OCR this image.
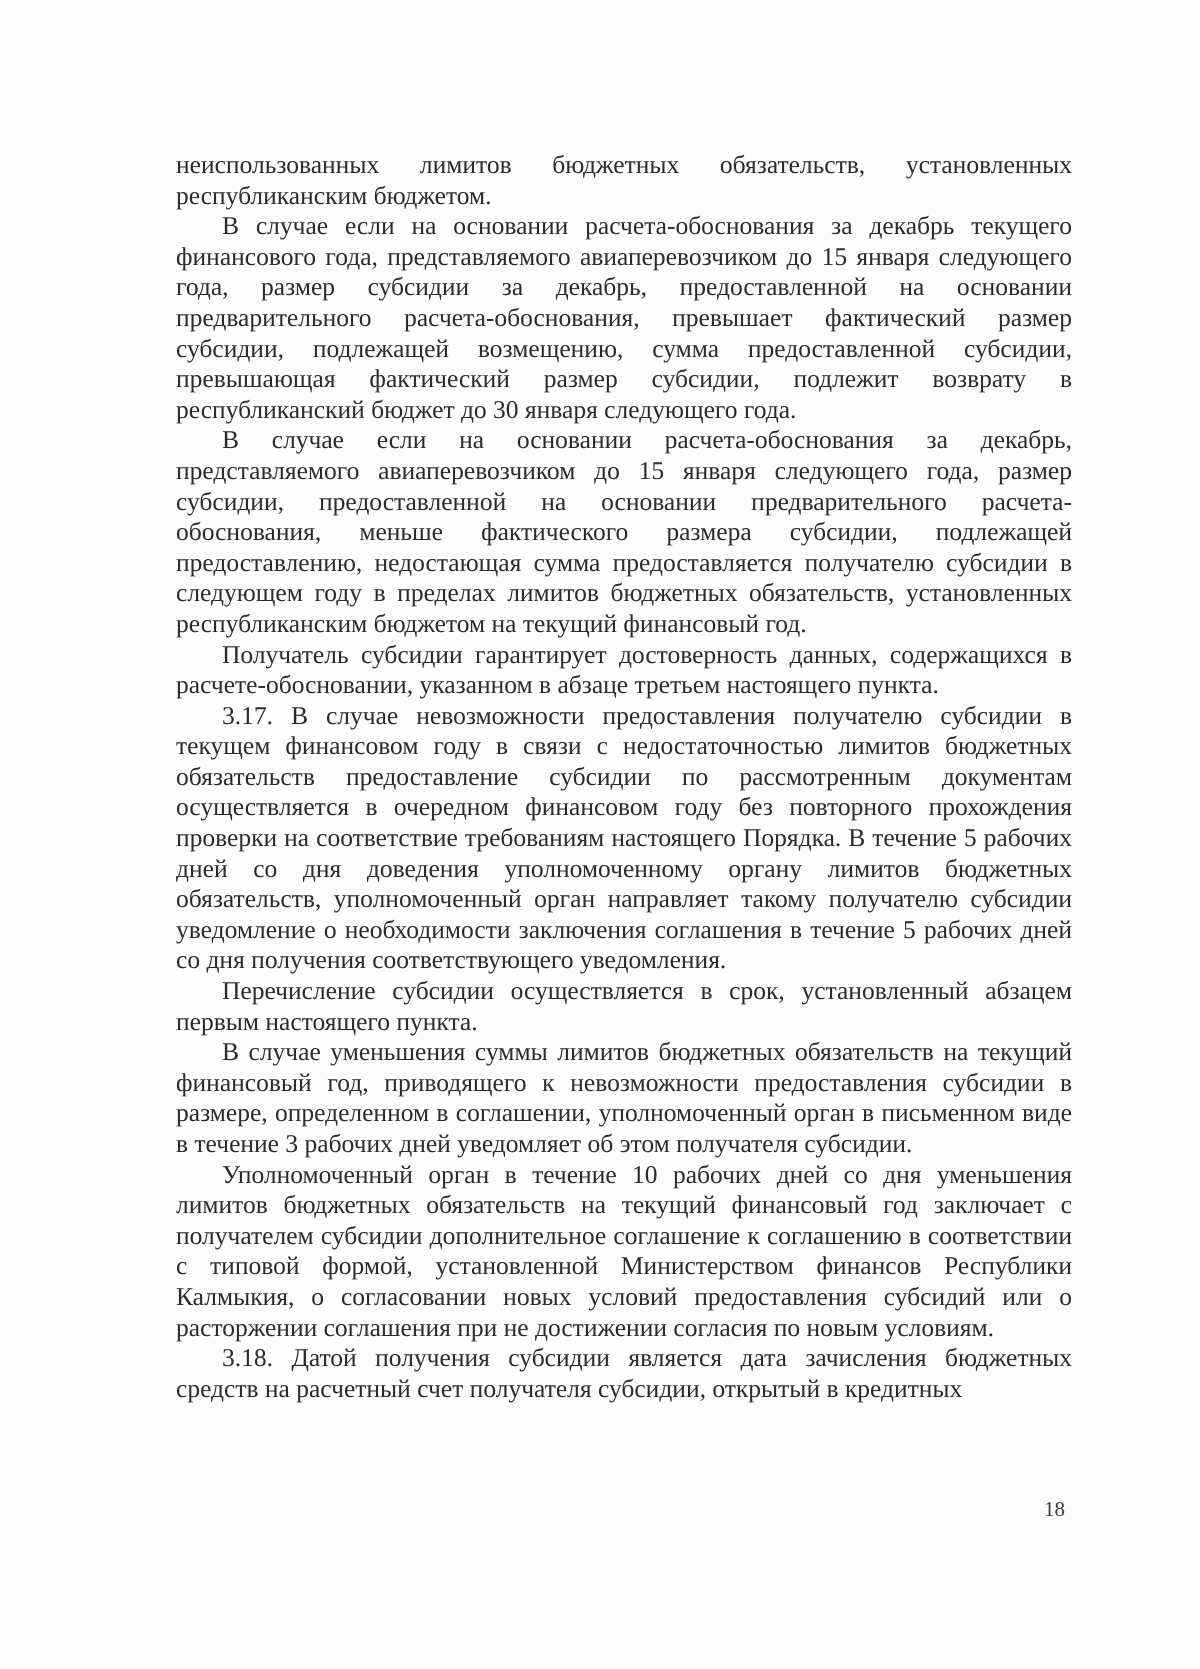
неиспользованных лимитов бюджетных обязательств, установленных республиканским бюджетом.

В случае если на основании расчета-обоснования за декабрь текущего финансового года, представляемого авиаперевозчиком до 15 января следующего года, размер субсидии за декабрь, предоставленной на основании предварительного расчета-обоснования, превышает фактический размер субсидии, подлежащей возмещению, сумма предоставленной субсидии, превышающая фактический размер субсидии, подлежит возврату в республиканский бюджет до 30 января следующего года.

В случае если на основании расчета-обоснования за декабрь, представляемого авиаперевозчиком до 15 января следующего года, размер субсидии, предоставленной на основании предварительного расчета-обоснования, меньше фактического размера субсидии, подлежащей предоставлению, недостающая сумма предоставляется получателю субсидии в следующем году в пределах лимитов бюджетных обязательств, установленных республиканским бюджетом на текущий финансовый год.

Получатель субсидии гарантирует достоверность данных, содержащихся в расчете-обосновании, указанном в абзаце третьем настоящего пункта.

3.17. В случае невозможности предоставления получателю субсидии в текущем финансовом году в связи с недостаточностью лимитов бюджетных обязательств предоставление субсидии по рассмотренным документам осуществляется в очередном финансовом году без повторного прохождения проверки на соответствие требованиям настоящего Порядка. В течение 5 рабочих дней со дня доведения уполномоченному органу лимитов бюджетных обязательств, уполномоченный орган направляет такому получателю субсидии уведомление о необходимости заключения соглашения в течение 5 рабочих дней со дня получения соответствующего уведомления.

Перечисление субсидии осуществляется в срок, установленный абзацем первым настоящего пункта.

В случае уменьшения суммы лимитов бюджетных обязательств на текущий финансовый год, приводящего к невозможности предоставления субсидии в размере, определенном в соглашении, уполномоченный орган в письменном виде в течение 3 рабочих дней уведомляет об этом получателя субсидии.

Уполномоченный орган в течение 10 рабочих дней со дня уменьшения лимитов бюджетных обязательств на текущий финансовый год заключает с получателем субсидии дополнительное соглашение к соглашению в соответствии с типовой формой, установленной Министерством финансов Республики Калмыкия, о согласовании новых условий предоставления субсидий или о расторжении соглашения при не достижении согласия по новым условиям.

3.18. Датой получения субсидии является дата зачисления бюджетных средств на расчетный счет получателя субсидии, открытый в кредитных

18
